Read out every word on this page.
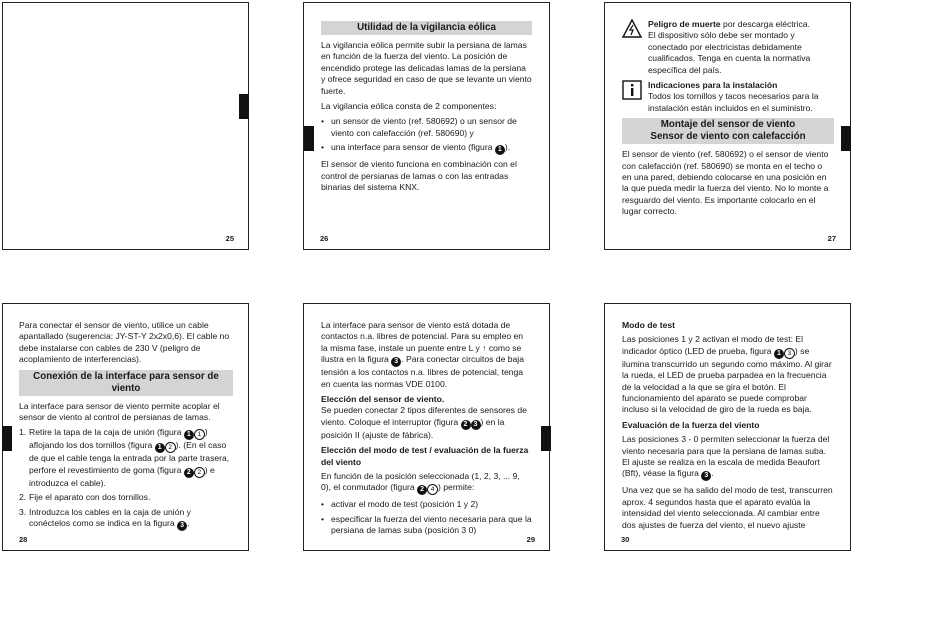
25
Utilidad de la vigilancia eólica

La vigilancia eólica permite subir la persiana de lamas en función de la fuerza del viento. La posición de encendido protege las delicadas lamas de la persiana y ofrece seguridad en caso de que se levante un viento fuerte.

La vigilancia eólica consta de 2 componentes:

• un sensor de viento (ref. 580692) o un sensor de viento con calefacción (ref. 580690) y
• una interface para sensor de viento (figura 1 ).

El sensor de viento funciona en combinación con el control de persianas de lamas o con las entradas binarias del sistema KNX.

26
Peligro de muerte por descarga eléctrica.
El dispositivo sólo debe ser montado y conectado por electricistas debidamente cualificados. Tenga en cuenta la normativa específica del país.
Indicaciones para la instalación
Todos los tornillos y tacos necesarios para la instalación están incluidos en el suministro.
Montaje del sensor de viento
Sensor de viento con calefacción

El sensor de viento (ref. 580692) o el sensor de viento con calefacción (ref. 580690) se monta en el techo o en una pared, debiendo colocarse en una posición en la que pueda medir la fuerza del viento. No lo monte a resguardo del viento. Es importante colocarlo en el lugar correcto.

27

Para conectar el sensor de viento, utilice un cable apantallado (sugerencia: JY-ST-Y 2x2x0,6). El cable no debe instalarse con cables de 230 V (peligro de acoplamiento de interferencias).

Conexión de la interface para sensor de viento

La interface para sensor de viento permite acoplar el sensor de viento al control de persianas de lamas.

1. Retire la tapa de la caja de unión (figura 1 1 ) aflojando los dos tornillos (figura 1 2 ). (En el caso de que el cable tenga la entrada por la parte trasera, perfore el revestimiento de goma (figura 2 2 ) e introduzca el cable).
2. Fije el aparato con dos tornillos.
3. Introduzca los cables en la caja de unión y conéctelos como se indica en la figura 3 .
28

La interface para sensor de viento está dotada de contactos n.a. libres de potencial. Para su empleo en la misma fase, instale un puente entre L y ↑ como se ilustra en la figura 3 . Para conectar circuitos de baja tensión a los contactos n.a. libres de potencial, tenga en cuenta las normas VDE 0100.

Elección del sensor de viento.

Se pueden conectar 2 tipos diferentes de sensores de viento. Coloque el interruptor (figura 2 3 ) en la posición II (ajuste de fábrica).

Elección del modo de test / evaluación de la fuerza del viento

En función de la posición seleccionada (1, 2, 3, ... 9, 0), el conmutador (figura 2 4 ) permite:

• activar el modo de test (posición 1 y 2)
• especificar la fuerza del viento necesaria para que la persiana de lamas suba (posición 3 0)
29
Modo de test

Las posiciones 1 y 2 activan el modo de test: El indicador óptico (LED de prueba, figura 1 3 ) se ilumina transcurrido un segundo como máximo. Al girar la rueda, el LED de prueba parpadea en la frecuencia de la velocidad a la que se gira el botón. El funcionamiento del aparato se puede comprobar incluso si la velocidad de giro de la rueda es baja.

Evaluación de la fuerza del viento

Las posiciones 3 - 0 permiten seleccionar la fuerza del viento necesaria para que la persiana de lamas suba. El ajuste se realiza en la escala de medida Beaufort (Bft), véase la figura 3 .

Una vez que se ha salido del modo de test, transcurren aprox. 4 segundos hasta que el aparato evalúa la intensidad del viento seleccionada. Al cambiar entre dos ajustes de fuerza del viento, el nuevo ajuste

30
